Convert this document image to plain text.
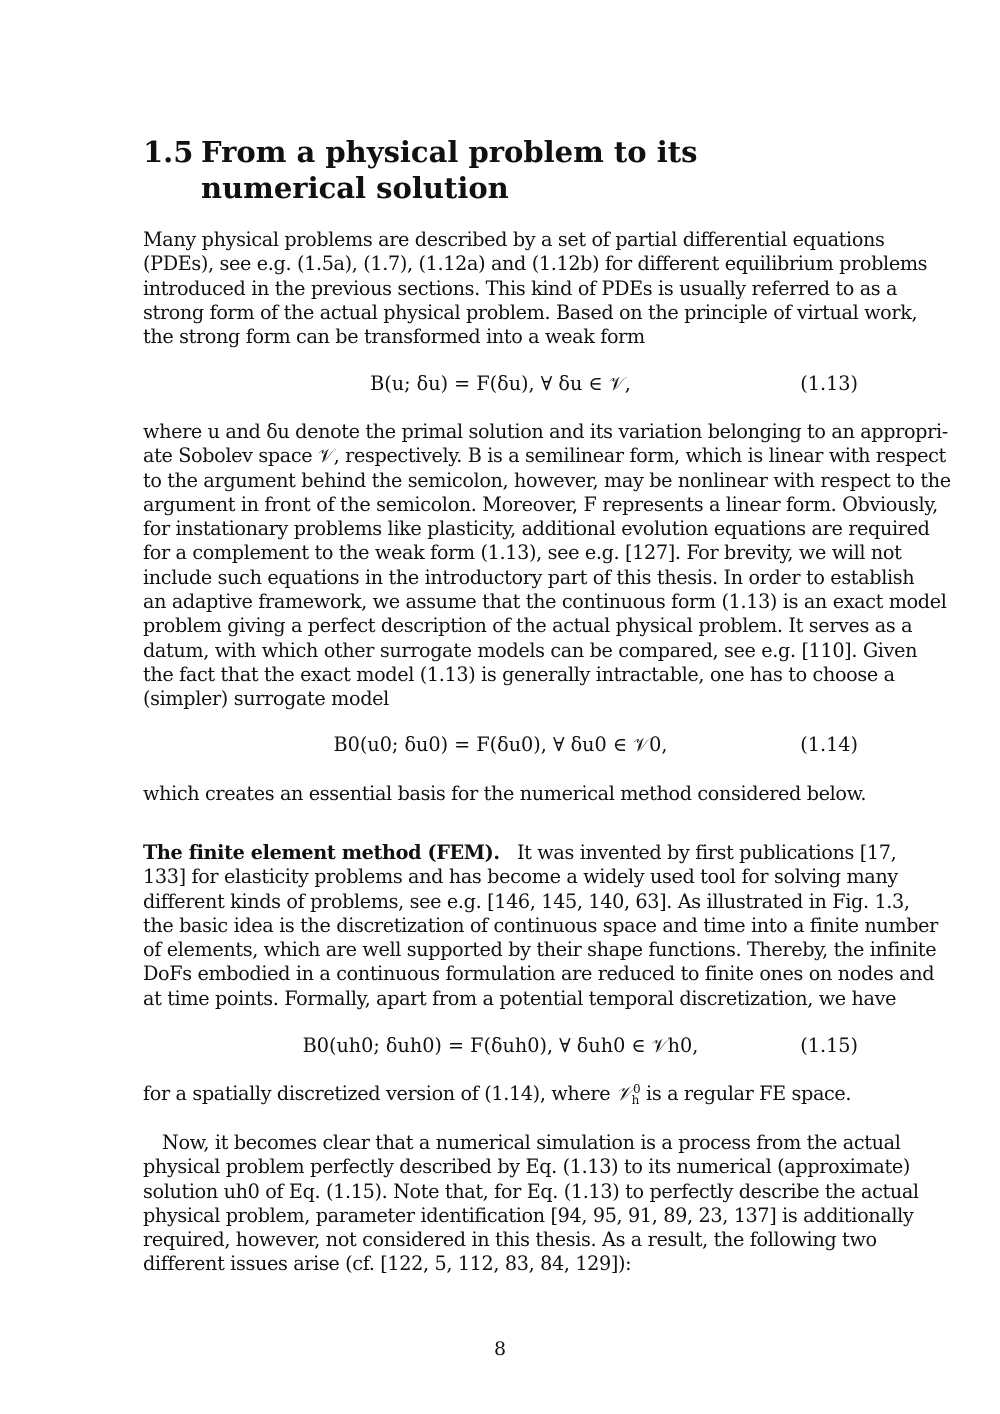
1.5 From a physical problem to its numerical solution
Many physical problems are described by a set of partial differential equations
(PDEs), see e.g. (1.5a), (1.7), (1.12a) and (1.12b) for different equilibrium problems
introduced in the previous sections. This kind of PDEs is usually referred to as a
strong form of the actual physical problem. Based on the principle of virtual work,
the strong form can be transformed into a weak form
B(u; δu) = F(δu), ∀ δu ∈ 𝒱,	(1.13)
where u and δu denote the primal solution and its variation belonging to an appropri-
ate Sobolev space 𝒱, respectively. B is a semilinear form, which is linear with respect
to the argument behind the semicolon, however, may be nonlinear with respect to the
argument in front of the semicolon. Moreover, F represents a linear form. Obviously,
for instationary problems like plasticity, additional evolution equations are required
for a complement to the weak form (1.13), see e.g. [127]. For brevity, we will not
include such equations in the introductory part of this thesis. In order to establish
an adaptive framework, we assume that the continuous form (1.13) is an exact model
problem giving a perfect description of the actual physical problem. It serves as a
datum, with which other surrogate models can be compared, see e.g. [110]. Given
the fact that the exact model (1.13) is generally intractable, one has to choose a
(simpler) surrogate model
B0(u0; δu0) = F(δu0), ∀ δu0 ∈ 𝒱0,	(1.14)
which creates an essential basis for the numerical method considered below.
The finite element method (FEM). It was invented by first publications [17,
133] for elasticity problems and has become a widely used tool for solving many
different kinds of problems, see e.g. [146, 145, 140, 63]. As illustrated in Fig. 1.3,
the basic idea is the discretization of continuous space and time into a finite number
of elements, which are well supported by their shape functions. Thereby, the infinite
DoFs embodied in a continuous formulation are reduced to finite ones on nodes and
at time points. Formally, apart from a potential temporal discretization, we have
B0(uh0; δuh0) = F(δuh0), ∀ δuh0 ∈ 𝒱h0,	(1.15)
for a spatially discretized version of (1.14), where 𝒱$_h^0$ is a regular FE space.
Now, it becomes clear that a numerical simulation is a process from the actual
physical problem perfectly described by Eq. (1.13) to its numerical (approximate)
solution uh0 of Eq. (1.15). Note that, for Eq. (1.13) to perfectly describe the actual
physical problem, parameter identification [94, 95, 91, 89, 23, 137] is additionally
required, however, not considered in this thesis. As a result, the following two
different issues arise (cf. [122, 5, 112, 83, 84, 129]):
8
